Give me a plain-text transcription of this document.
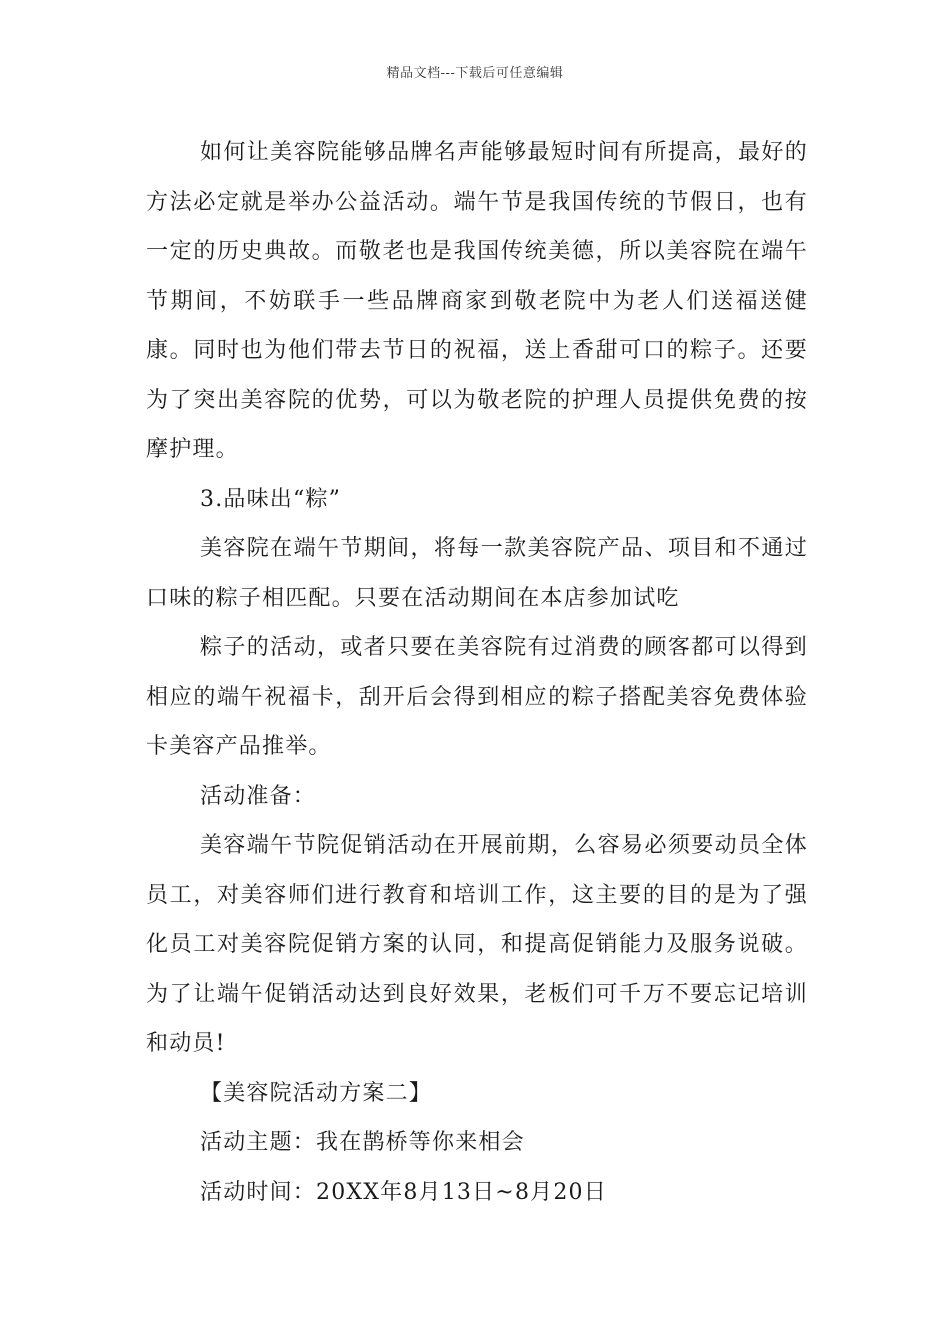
精品文档---下载后可任意编辑

如何让美容院能够品牌名声能够最短时间有所提高，最好的方法必定就是举办公益活动。端午节是我国传统的节假日，也有一定的历史典故。而敬老也是我国传统美德，所以美容院在端午节期间，不妨联手一些品牌商家到敬老院中为老人们送福送健康。同时也为他们带去节日的祝福，送上香甜可口的粽子。还要为了突出美容院的优势，可以为敬老院的护理人员提供免费的按摩护理。

3.品味出“粽”

美容院在端午节期间，将每一款美容院产品、项目和不通过口味的粽子相匹配。只要在活动期间在本店参加试吃

粽子的活动，或者只要在美容院有过消费的顾客都可以得到相应的端午祝福卡，刮开后会得到相应的粽子搭配美容免费体验卡美容产品推举。

活动准备：

美容端午节院促销活动在开展前期，么容易必须要动员全体员工，对美容师们进行教育和培训工作，这主要的目的是为了强化员工对美容院促销方案的认同，和提高促销能力及服务说破。为了让端午促销活动达到良好效果，老板们可千万不要忘记培训和动员!

【美容院活动方案二】

活动主题：我在鹊桥等你来相会

活动时间：20XX年8月13日~8月20日
